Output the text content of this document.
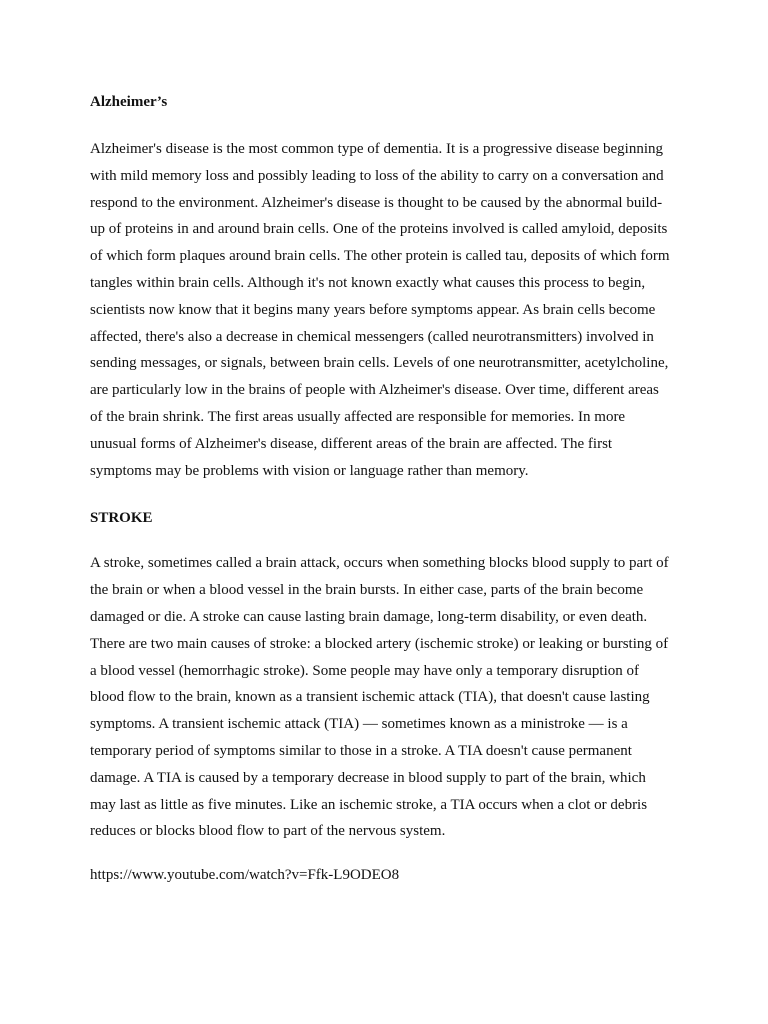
Alzheimer’s

Alzheimer's disease is the most common type of dementia. It is a progressive disease beginning
with mild memory loss and possibly leading to loss of the ability to carry on a conversation and
respond to the environment. Alzheimer's disease is thought to be caused by the abnormal build-
up of proteins in and around brain cells. One of the proteins involved is called amyloid, deposits
of which form plaques around brain cells. The other protein is called tau, deposits of which form
tangles within brain cells. Although it's not known exactly what causes this process to begin,
scientists now know that it begins many years before symptoms appear. As brain cells become
affected, there's also a decrease in chemical messengers (called neurotransmitters) involved in
sending messages, or signals, between brain cells. Levels of one neurotransmitter, acetylcholine,
are particularly low in the brains of people with Alzheimer's disease. Over time, different areas
of the brain shrink. The first areas usually affected are responsible for memories. In more
unusual forms of Alzheimer's disease, different areas of the brain are affected. The first
symptoms may be problems with vision or language rather than memory.

STROKE

A stroke, sometimes called a brain attack, occurs when something blocks blood supply to part of
the brain or when a blood vessel in the brain bursts. In either case, parts of the brain become
damaged or die. A stroke can cause lasting brain damage, long-term disability, or even death.
There are two main causes of stroke: a blocked artery (ischemic stroke) or leaking or bursting of
a blood vessel (hemorrhagic stroke). Some people may have only a temporary disruption of
blood flow to the brain, known as a transient ischemic attack (TIA), that doesn't cause lasting
symptoms. A transient ischemic attack (TIA) — sometimes known as a ministroke — is a
temporary period of symptoms similar to those in a stroke. A TIA doesn't cause permanent
damage. A TIA is caused by a temporary decrease in blood supply to part of the brain, which
may last as little as five minutes. Like an ischemic stroke, a TIA occurs when a clot or debris
reduces or blocks blood flow to part of the nervous system.

https://www.youtube.com/watch?v=Ffk-L9ODEO8
